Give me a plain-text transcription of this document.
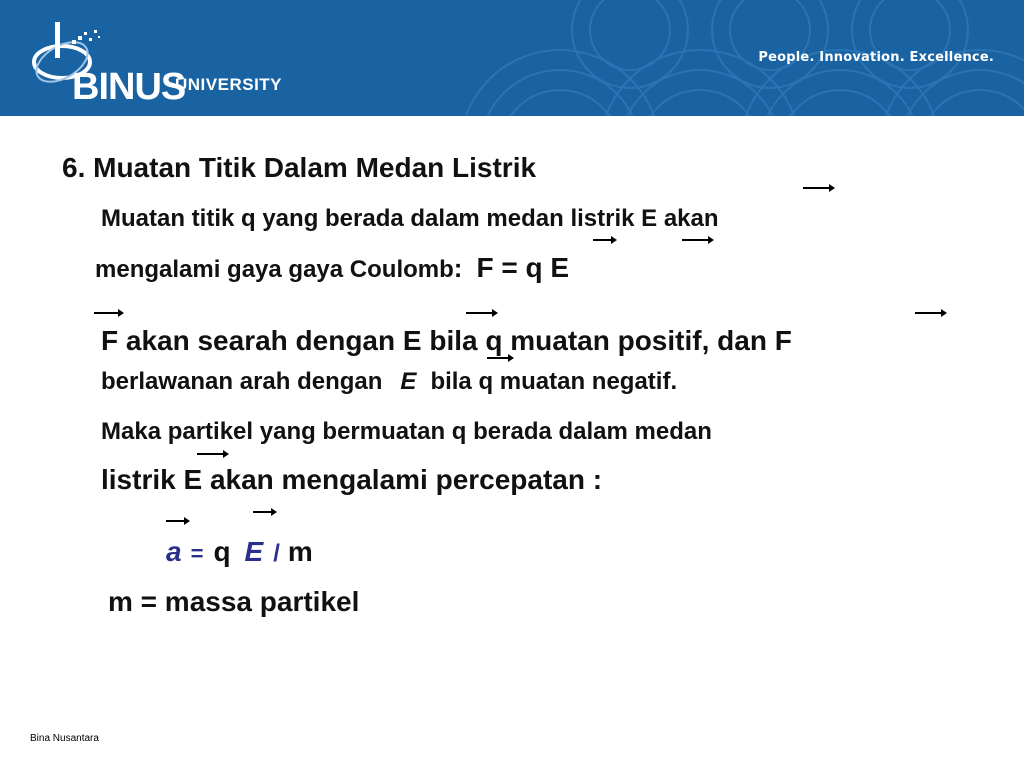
BINUS
UNIVERSITY
People. Innovation. Excellence.
6. Muatan Titik Dalam Medan Listrik
Muatan titik q yang berada dalam medan listrik E akan
mengalami gaya gaya Coulomb: F = q E
F akan searah dengan E bila q muatan positif, dan F
berlawanan arah dengan E bila q muatan negatif.
Maka partikel yang bermuatan q berada dalam medan
listrik E akan mengalami percepatan :
a = q E / m
m = massa partikel
Bina Nusantara
